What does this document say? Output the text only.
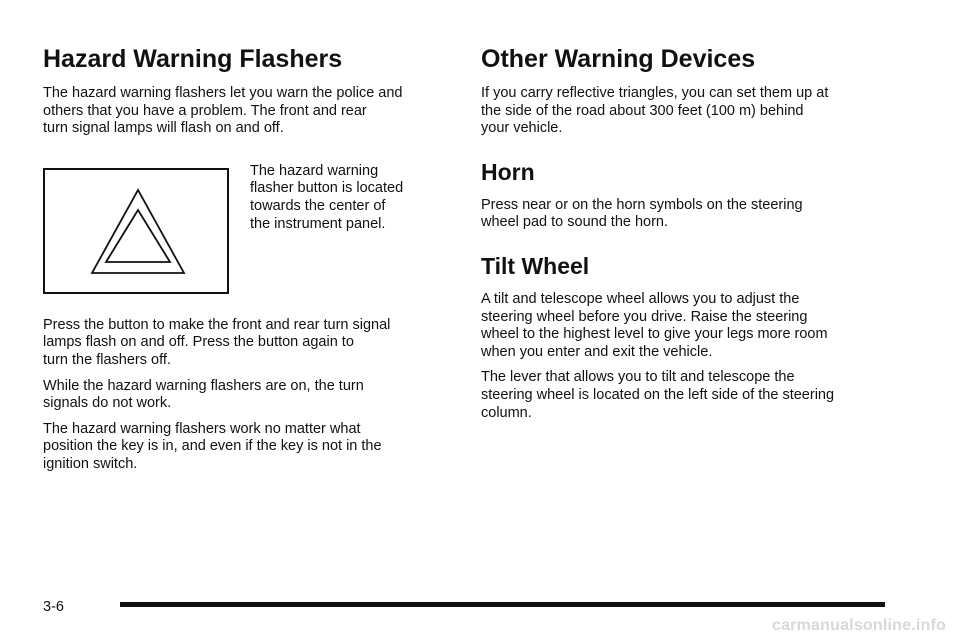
Hazard Warning Flashers

The hazard warning flashers let you warn the police and
others that you have a problem. The front and rear
turn signal lamps will flash on and off.

The hazard warning
flasher button is located
towards the center of
the instrument panel.

Press the button to make the front and rear turn signal
lamps flash on and off. Press the button again to
turn the flashers off.

While the hazard warning flashers are on, the turn
signals do not work.

The hazard warning flashers work no matter what
position the key is in, and even if the key is not in the
ignition switch.

Other Warning Devices

If you carry reflective triangles, you can set them up at
the side of the road about 300 feet (100 m) behind
your vehicle.

Horn

Press near or on the horn symbols on the steering
wheel pad to sound the horn.

Tilt Wheel

A tilt and telescope wheel allows you to adjust the
steering wheel before you drive. Raise the steering
wheel to the highest level to give your legs more room
when you enter and exit the vehicle.

The lever that allows you to tilt and telescope the
steering wheel is located on the left side of the steering
column.

3-6
carmanualsonline.info
